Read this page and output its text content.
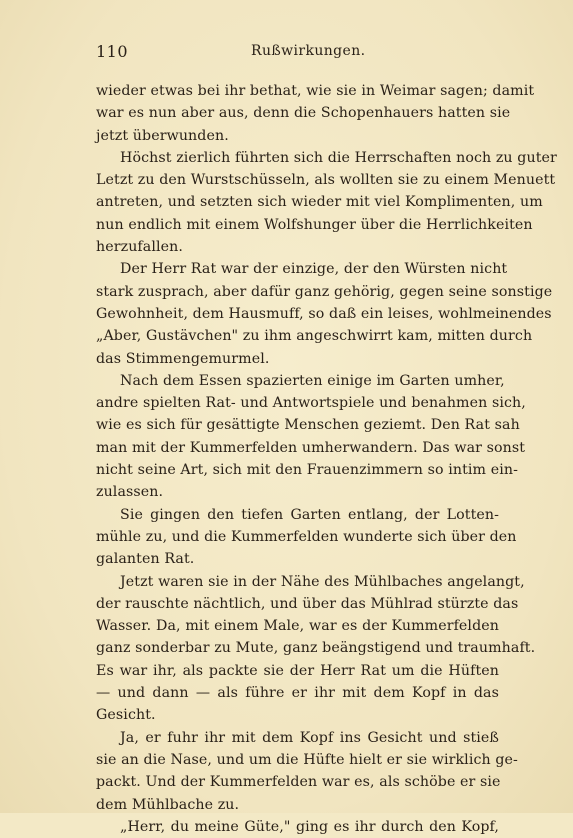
110	Rußwirkungen.
wieder etwas bei ihr bethat, wie sie in Weimar sagen; damit
war es nun aber aus, denn die Schopenhauers hatten sie
jetzt überwunden.
Höchst zierlich führten sich die Herrschaften noch zu guter
Letzt zu den Wurstschüsseln, als wollten sie zu einem Menuett
antreten, und setzten sich wieder mit viel Komplimenten, um
nun endlich mit einem Wolfshunger über die Herrlichkeiten
herzufallen.
Der Herr Rat war der einzige, der den Würsten nicht
stark zusprach, aber dafür ganz gehörig, gegen seine sonstige
Gewohnheit, dem Hausmuff, so daß ein leises, wohlmeinendes
„Aber, Gustävchen" zu ihm angeschwirrt kam, mitten durch
das Stimmengemurmel.
Nach dem Essen spazierten einige im Garten umher,
andre spielten Rat- und Antwortspiele und benahmen sich,
wie es sich für gesättigte Menschen geziemt. Den Rat sah
man mit der Kummerfelden umherwandern. Das war sonst
nicht seine Art, sich mit den Frauenzimmern so intim ein-
zulassen.
Sie gingen den tiefen Garten entlang, der Lotten-
mühle zu, und die Kummerfelden wunderte sich über den
galanten Rat.
Jetzt waren sie in der Nähe des Mühlbaches angelangt,
der rauschte nächtlich, und über das Mühlrad stürzte das
Wasser. Da, mit einem Male, war es der Kummerfelden
ganz sonderbar zu Mute, ganz beängstigend und traumhaft.
Es war ihr, als packte sie der Herr Rat um die Hüften
— und dann — als führe er ihr mit dem Kopf in das
Gesicht.
Ja, er fuhr ihr mit dem Kopf ins Gesicht und stieß
sie an die Nase, und um die Hüfte hielt er sie wirklich ge-
packt. Und der Kummerfelden war es, als schöbe er sie
dem Mühlbache zu.
„Herr, du meine Güte," ging es ihr durch den Kopf,
